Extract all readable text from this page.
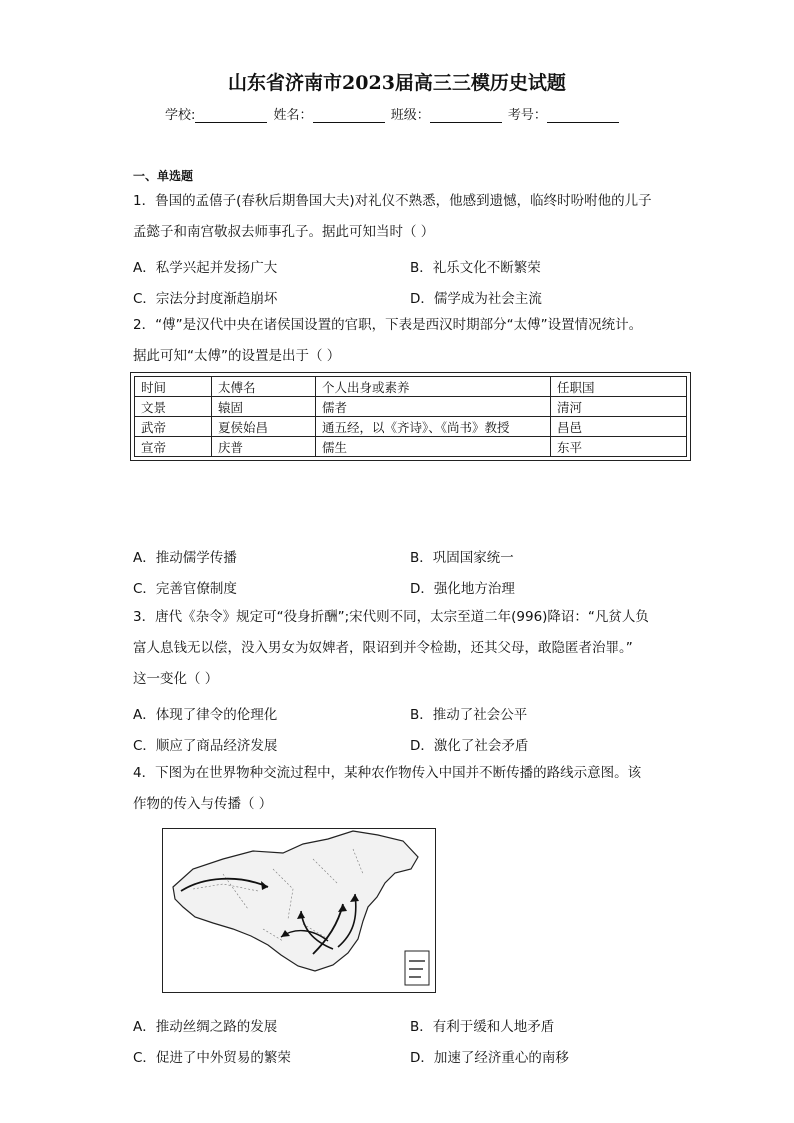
山东省济南市2023届高三三模历史试题
学校:	姓名：	班级：	考号：
一、单选题
1．鲁国的孟僖子(春秋后期鲁国大夫)对礼仪不熟悉，他感到遗憾，临终时吩咐他的儿子
孟懿子和南宫敬叔去师事孔子。据此可知当时（ ）
A．私学兴起并发扬广大	B．礼乐文化不断繁荣
C．宗法分封度渐趋崩坏	D．儒学成为社会主流
2．“傅”是汉代中央在诸侯国设置的官职，下表是西汉时期部分“太傅”设置情况统计。
据此可知“太傅”的设置是出于（ ）
时间	太傅名	个人出身或素养	任职国
文景	辕固	儒者	清河
武帝	夏侯始昌	通五经，以《齐诗》、《尚书》教授	昌邑
宣帝	庆普	儒生	东平
A．推动儒学传播	B．巩固国家统一
C．完善官僚制度	D．强化地方治理
3．唐代《杂令》规定可“役身折酬”;宋代则不同，太宗至道二年(996)降诏：“凡贫人负
富人息钱无以偿，没入男女为奴婢者，限诏到并令检勘，还其父母，敢隐匿者治罪。”
这一变化（ ）
A．体现了律令的伦理化	B．推动了社会公平
C．顺应了商品经济发展	D．激化了社会矛盾
4．下图为在世界物种交流过程中，某种农作物传入中国并不断传播的路线示意图。该
作物的传入与传播（ ）
A．推动丝绸之路的发展	B．有利于缓和人地矛盾
C．促进了中外贸易的繁荣	D．加速了经济重心的南移
